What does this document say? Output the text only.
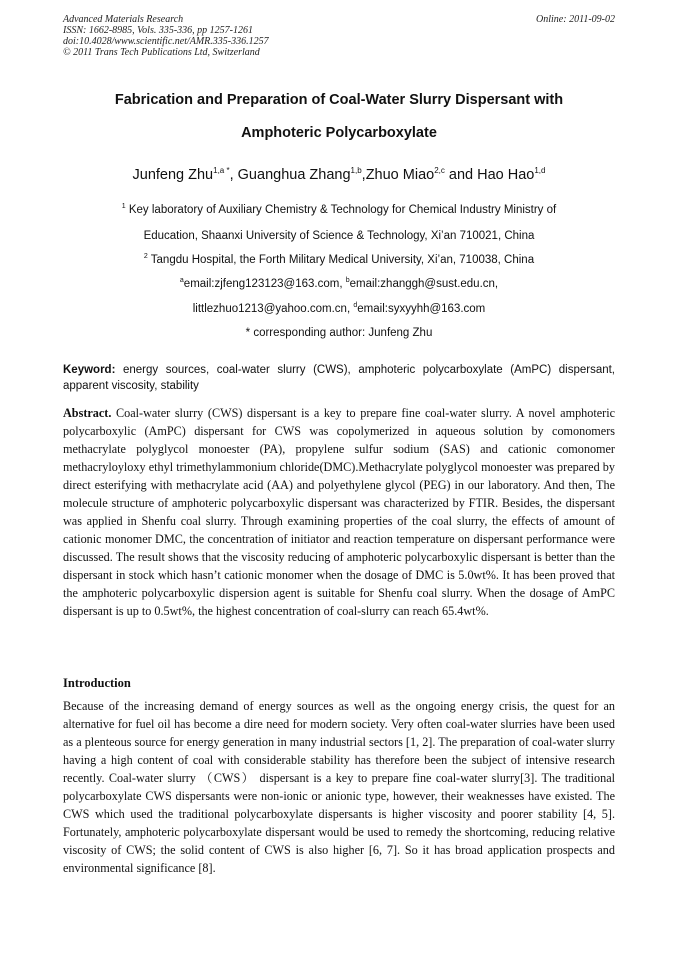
Advanced Materials Research
ISSN: 1662-8985, Vols. 335-336, pp 1257-1261
doi:10.4028/www.scientific.net/AMR.335-336.1257
© 2011 Trans Tech Publications Ltd, Switzerland
Online: 2011-09-02
Fabrication and Preparation of Coal-Water Slurry Dispersant with
Amphoteric Polycarboxylate
Junfeng Zhu$^{1,a *}$, Guanghua Zhang$^{1,b}$,Zhuo Miao$^{2,c}$ and Hao Hao$^{1,d}$
$^1$ Key laboratory of Auxiliary Chemistry & Technology for Chemical Industry Ministry of
Education, Shaanxi University of Science & Technology, Xi’an 710021, China
$^2$ Tangdu Hospital, the Forth Military Medical University, Xi’an, 710038, China
$^a$email:zjfeng123123@163.com, $^b$email:zhanggh@sust.edu.cn,
littlezhuo1213@yahoo.com.cn, $^d$email:syxyyhh@163.com
* corresponding author: Junfeng Zhu
Keyword: energy sources, coal-water slurry (CWS), amphoteric polycarboxylate (AmPC) dispersant, apparent viscosity, stability
Abstract. Coal-water slurry (CWS) dispersant is a key to prepare fine coal-water slurry. A novel amphoteric polycarboxylic (AmPC) dispersant for CWS was copolymerized in aqueous solution by comonomers methacrylate polyglycol monoester (PA), propylene sulfur sodium (SAS) and cationic comonomer methacryloyloxy ethyl trimethylammonium chloride(DMC).Methacrylate polyglycol monoester was prepared by direct esterifying with methacrylate acid (AA) and polyethylene glycol (PEG) in our laboratory. And then, The molecule structure of amphoteric polycarboxylic dispersant was characterized by FTIR. Besides, the dispersant was applied in Shenfu coal slurry. Through examining properties of the coal slurry, the effects of amount of cationic monomer DMC, the concentration of initiator and reaction temperature on dispersant performance were discussed. The result shows that the viscosity reducing of amphoteric polycarboxylic dispersant is better than the dispersant in stock which hasn’t cationic monomer when the dosage of DMC is 5.0wt%. It has been proved that the amphoteric polycarboxylic dispersion agent is suitable for Shenfu coal slurry. When the dosage of AmPC dispersant is up to 0.5wt%, the highest concentration of coal-slurry can reach 65.4wt%.
Introduction
Because of the increasing demand of energy sources as well as the ongoing energy crisis, the quest for an alternative for fuel oil has become a dire need for modern society. Very often coal-water slurries have been used as a plenteous source for energy generation in many industrial sectors [1, 2]. The preparation of coal-water slurry having a high content of coal with considerable stability has therefore been the subject of intensive research recently. Coal-water slurry （CWS） dispersant is a key to prepare fine coal-water slurry[3]. The traditional polycarboxylate CWS dispersants were non-ionic or anionic type, however, their weaknesses have existed. The CWS which used the traditional polycarboxylate dispersants is higher viscosity and poorer stability [4, 5]. Fortunately, amphoteric polycarboxylate dispersant would be used to remedy the shortcoming, reducing relative viscosity of CWS; the solid content of CWS is also higher [6, 7]. So it has broad application prospects and environmental significance [8].
